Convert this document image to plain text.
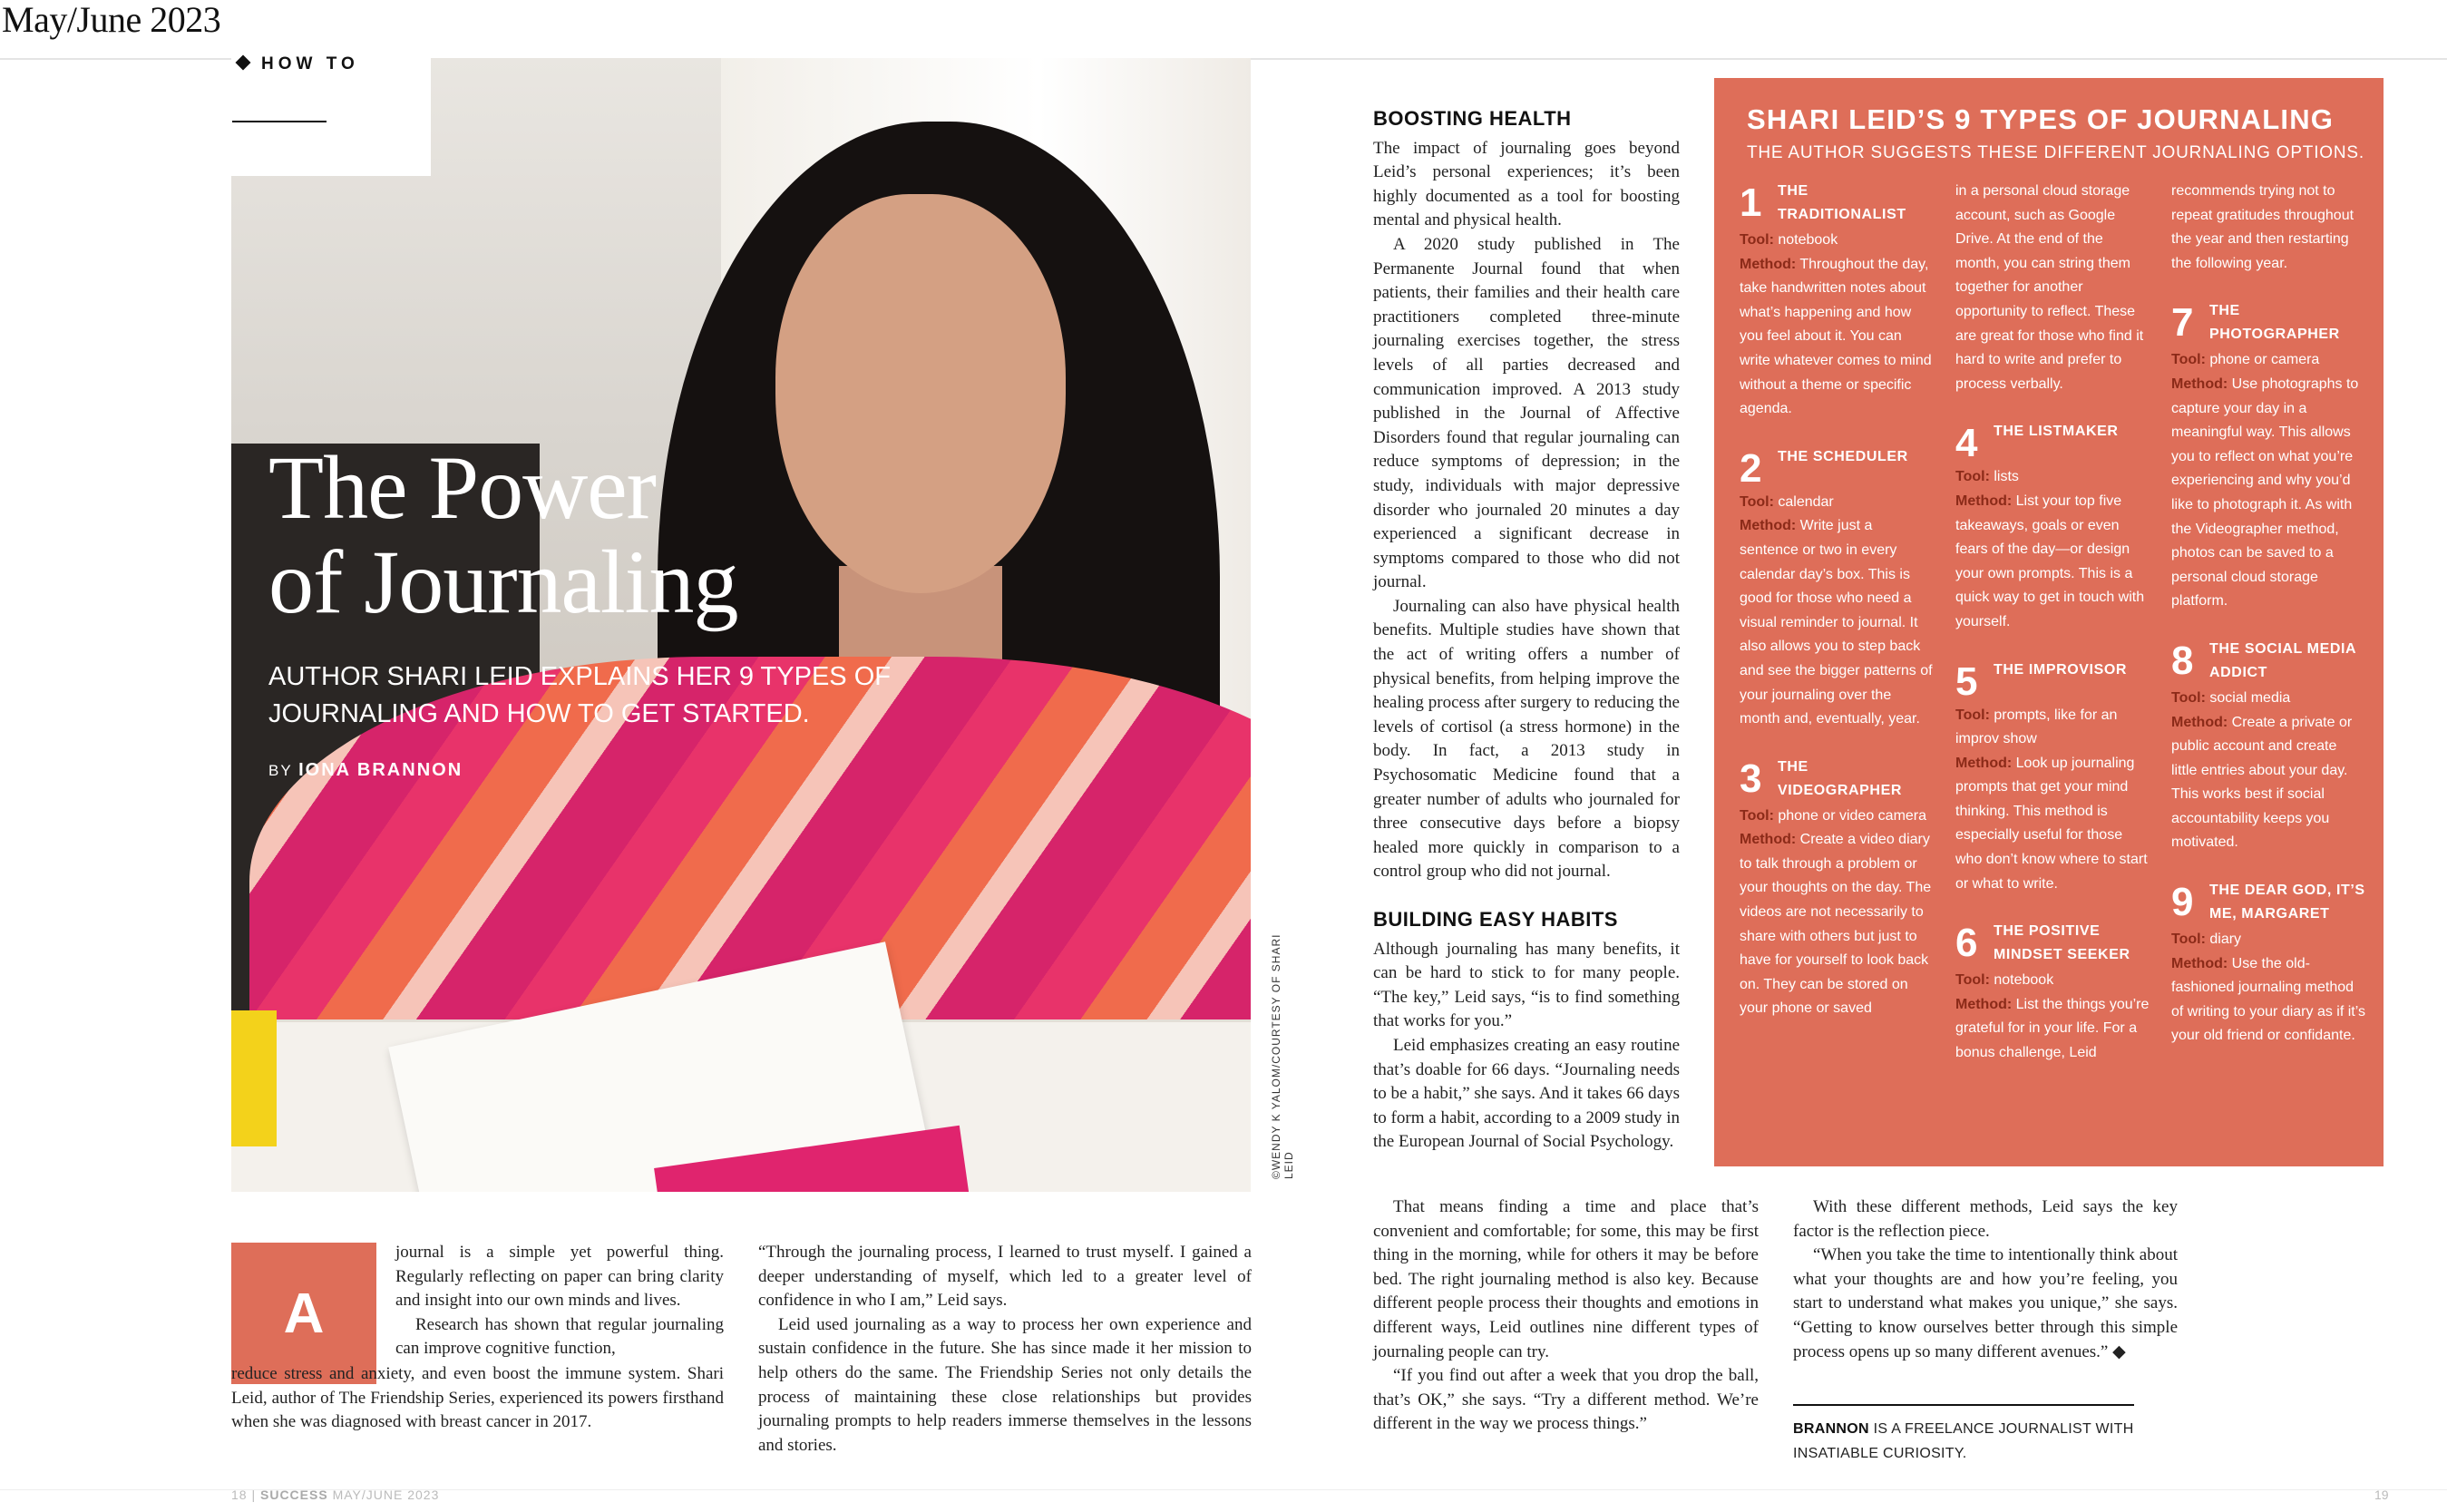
May/June 2023
HOW TO
The Power
of Journaling
AUTHOR SHARI LEID EXPLAINS HER 9 TYPES OF JOURNALING AND HOW TO GET STARTED.
BY IONA BRANNON
©WENDY K YALOM/COURTESY OF SHARI LEID
A

journal is a simple yet powerful thing. Regularly reflecting on paper can bring clarity and insight into our own minds and lives.

Research has shown that regular journaling can improve cognitive function,

reduce stress and anxiety, and even boost the immune system. Shari Leid, author of The Friendship Series, experienced its powers firsthand when she was diagnosed with breast cancer in 2017.

“Through the journaling process, I learned to trust myself. I gained a deeper understanding of myself, which led to a greater level of confidence in who I am,” Leid says.

Leid used journaling as a way to process her own experience and sustain confidence in the future. She has since made it her mission to help others do the same. The Friendship Series not only details the process of maintaining these close relationships but provides journaling prompts to help readers immerse themselves in the lessons and stories.

BOOSTING HEALTH

The impact of journaling goes beyond Leid’s personal experiences; it’s been highly documented as a tool for boosting mental and physical health.

A 2020 study published in The Permanente Journal found that when patients, their families and their health care practitioners completed three-minute journaling exercises together, the stress levels of all parties decreased and communication improved. A 2013 study published in the Journal of Affective Disorders found that regular journaling can reduce symptoms of depression; in the study, individuals with major depressive disorder who journaled 20 minutes a day experienced a significant decrease in symptoms compared to those who did not journal.

Journaling can also have physical health benefits. Multiple studies have shown that the act of writing offers a number of physical benefits, from helping improve the healing process after surgery to reducing the levels of cortisol (a stress hormone) in the body. In fact, a 2013 study in Psychosomatic Medicine found that a greater number of adults who journaled for three consecutive days before a biopsy healed more quickly in comparison to a control group who did not journal.

BUILDING EASY HABITS

Although journaling has many benefits, it can be hard to stick to for many people. “The key,” Leid says, “is to find something that works for you.”

Leid emphasizes creating an easy routine that’s doable for 66 days. “Journaling needs to be a habit,” she says. And it takes 66 days to form a habit, according to a 2009 study in the European Journal of Social Psychology.

That means finding a time and place that’s convenient and comfortable; for some, this may be first thing in the morning, while for others it may be before bed. The right journaling method is also key. Because different people process their thoughts and emotions in different ways, Leid outlines nine different types of journaling people can try.

“If you find out after a week that you drop the ball, that’s OK,” she says. “Try a different method. We’re different in the way we process things.”

With these different methods, Leid says the key factor is the reflection piece.

“When you take the time to intentionally think about what your thoughts are and how you’re feeling, you start to understand what makes you unique,” she says. “Getting to know ourselves better through this simple process opens up so many different avenues.” ◆

BRANNON IS A FREELANCE JOURNALIST WITH INSATIABLE CURIOSITY.
SHARI LEID’S 9 TYPES OF JOURNALING
THE AUTHOR SUGGESTS THESE DIFFERENT JOURNALING OPTIONS.
1	THE TRADITIONALIST
Tool: notebook
Method: Throughout the day, take handwritten notes about what’s happening and how you feel about it. You can write whatever comes to mind without a theme or specific agenda.
2	THE SCHEDULER
Tool: calendar
Method: Write just a sentence or two in every calendar day’s box. This is good for those who need a visual reminder to journal. It also allows you to step back and see the bigger patterns of your journaling over the month and, eventually, year.
3	THE VIDEOGRAPHER
Tool: phone or video camera
Method: Create a video diary to talk through a problem or your thoughts on the day. The videos are not necessarily to share with others but just to have for yourself to look back on. They can be stored on your phone or saved
in a personal cloud storage account, such as Google Drive. At the end of the month, you can string them together for another opportunity to reflect. These are great for those who find it hard to write and prefer to process verbally.
4	THE LISTMAKER
Tool: lists
Method: List your top five takeaways, goals or even fears of the day—or design your own prompts. This is a quick way to get in touch with yourself.
5	THE IMPROVISOR
Tool: prompts, like for an improv show
Method: Look up journaling prompts that get your mind thinking. This method is especially useful for those who don’t know where to start or what to write.
6	THE POSITIVE MINDSET SEEKER
Tool: notebook
Method: List the things you’re grateful for in your life. For a bonus challenge, Leid
recommends trying not to repeat gratitudes throughout the year and then restarting the following year.
7	THE PHOTOGRAPHER
Tool: phone or camera
Method: Use photographs to capture your day in a meaningful way. This allows you to reflect on what you’re experiencing and why you’d like to photograph it. As with the Videographer method, photos can be saved to a personal cloud storage platform.
8	THE SOCIAL MEDIA ADDICT
Tool: social media
Method: Create a private or public account and create little entries about your day. This works best if social accountability keeps you motivated.
9	THE DEAR GOD, IT’S ME, MARGARET
Tool: diary
Method: Use the old-fashioned journaling method of writing to your diary as if it’s your old friend or confidante.
18 | SUCCESS MAY/JUNE 2023	19
